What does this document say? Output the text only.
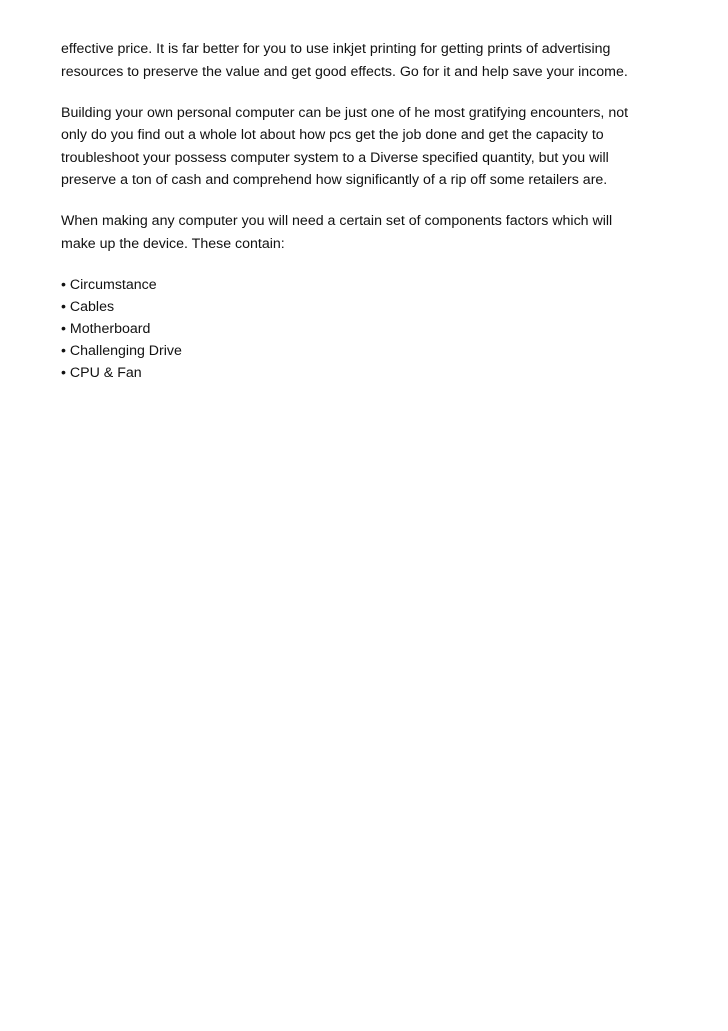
effective price. It is far better for you to use inkjet printing for getting prints of advertising
resources to preserve the value and get good effects. Go for it and help save your income.

Building your own personal computer can be just one of he most gratifying encounters, not
only do you find out a whole lot about how pcs get the job done and get the capacity to
troubleshoot your possess computer system to a Diverse specified quantity, but you will
preserve a ton of cash and comprehend how significantly of a rip off some retailers are.

When making any computer you will need a certain set of components factors which will
make up the device. These contain:

• Circumstance
• Cables
• Motherboard
• Challenging Drive
• CPU & Fan
